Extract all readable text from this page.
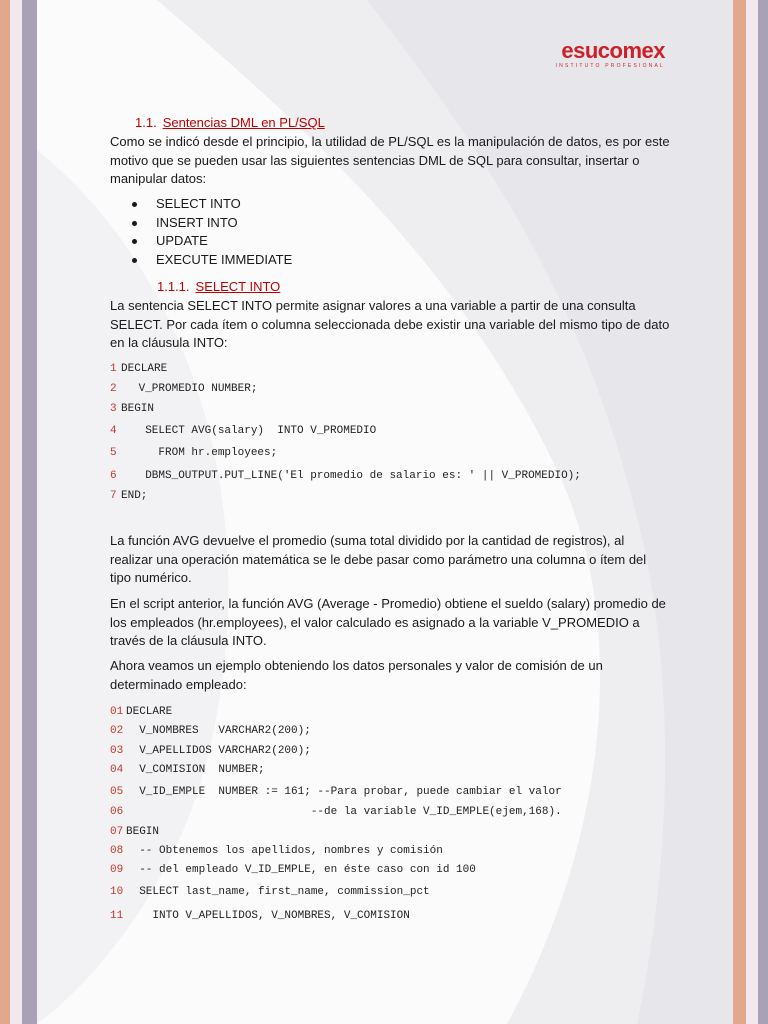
esucomex
INSTITUTO PROFESIONAL
1.1. Sentencias DML en PL/SQL

Como se indicó desde el principio, la utilidad de PL/SQL es la manipulación de datos, es por este motivo que se pueden usar las siguientes sentencias DML de SQL para consultar, insertar o manipular datos:

SELECT INTO
INSERT INTO
UPDATE
EXECUTE IMMEDIATE
1.1.1. SELECT INTO

La sentencia SELECT INTO permite asignar valores a una variable a partir de una consulta SELECT. Por cada ítem o columna seleccionada debe existir una variable del mismo tipo de dato en la cláusula INTO:

1 DECLARE
2 V_PROMEDIO NUMBER;
3 BEGIN
4 SELECT AVG(salary)  INTO V_PROMEDIO
5 FROM hr.employees;
6 DBMS_OUTPUT.PUT_LINE('El promedio de salario es: ' || V_PROMEDIO);
7 END;

La función AVG devuelve el promedio (suma total dividido por la cantidad de registros), al realizar una operación matemática se le debe pasar como parámetro una columna o ítem del tipo numérico.

En el script anterior, la función AVG (Average - Promedio) obtiene el sueldo (salary) promedio de los empleados (hr.employees), el valor calculado es asignado a la variable V_PROMEDIO a través de la cláusula INTO.

Ahora veamos un ejemplo obteniendo los datos personales y valor de comisión de un determinado empleado:

01 DECLARE
02 V_NOMBRES   VARCHAR2(200);
03 V_APELLIDOS VARCHAR2(200);
04 V_COMISION  NUMBER;
05 V_ID_EMPLE  NUMBER := 161; --Para probar, puede cambiar el valor
06 --de la variable V_ID_EMPLE(ejem,168).
07 BEGIN
08 -- Obtenemos los apellidos, nombres y comisión
09 -- del empleado V_ID_EMPLE, en éste caso con id 100
10 SELECT last_name, first_name, commission_pct
11 INTO V_APELLIDOS, V_NOMBRES, V_COMISION
